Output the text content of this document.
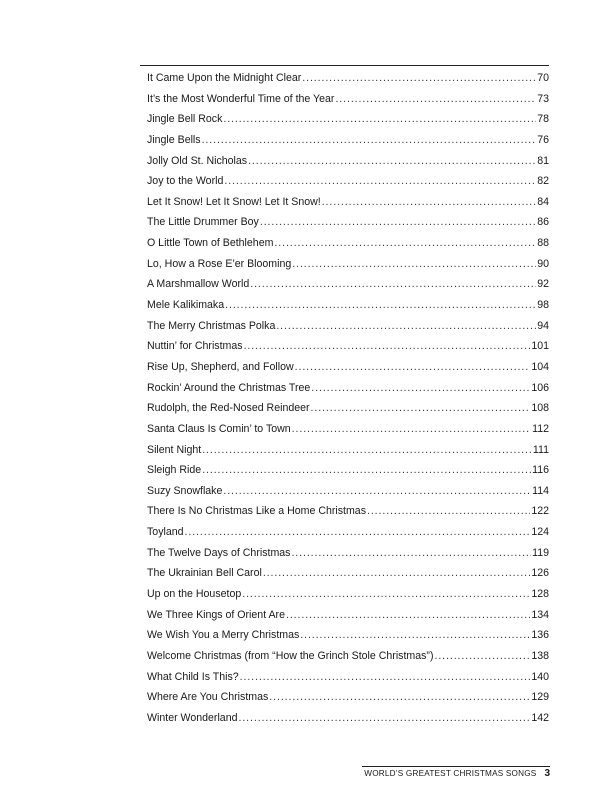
It Came Upon the Midnight Clear .....	70
It’s the Most Wonderful Time of the Year .....	73
Jingle Bell Rock .....	78
Jingle Bells .....	76
Jolly Old St. Nicholas .....	81
Joy to the World .....	82
Let It Snow! Let It Snow! Let It Snow! .....	84
The Little Drummer Boy .....	86
O Little Town of Bethlehem .....	88
Lo, How a Rose E’er Blooming .....	90
A Marshmallow World .....	92
Mele Kalikimaka .....	98
The Merry Christmas Polka .....	94
Nuttin’ for Christmas .....	101
Rise Up, Shepherd, and Follow .....	104
Rockin’ Around the Christmas Tree .....	106
Rudolph, the Red-Nosed Reindeer .....	108
Santa Claus Is Comin’ to Town .....	112
Silent Night .....	111
Sleigh Ride .....	116
Suzy Snowflake .....	114
There Is No Christmas Like a Home Christmas .....	122
Toyland .....	124
The Twelve Days of Christmas .....	119
The Ukrainian Bell Carol .....	126
Up on the Housetop .....	128
We Three Kings of Orient Are .....	134
We Wish You a Merry Christmas .....	136
Welcome Christmas (from “How the Grinch Stole Christmas”) .....	138
What Child Is This? .....	140
Where Are You Christmas .....	129
Winter Wonderland .....	142
WORLD’S GREATEST CHRISTMAS SONGS 3
